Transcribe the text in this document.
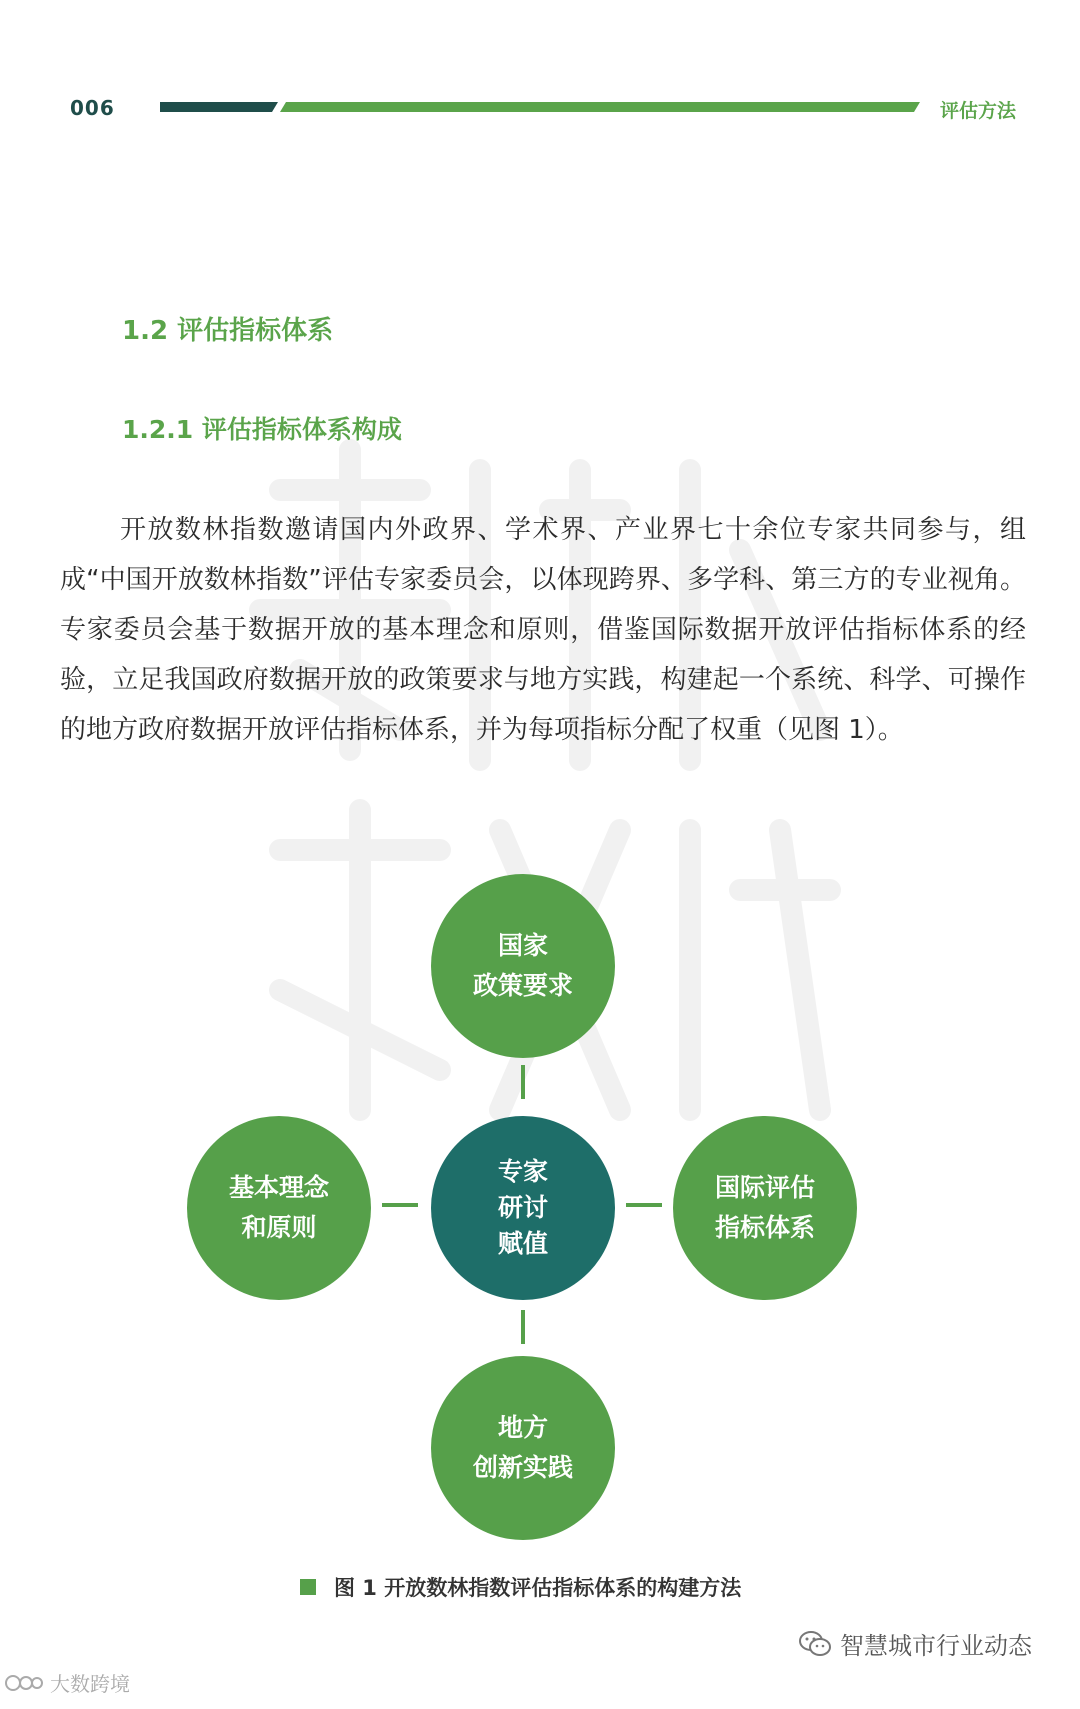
006	评估方法
1.2 评估指标体系
1.2.1 评估指标体系构成

开放数林指数邀请国内外政界、学术界、产业界七十余位专家共同参与，组成“中国开放数林指数”评估专家委员会，以体现跨界、多学科、第三方的专业视角。专家委员会基于数据开放的基本理念和原则，借鉴国际数据开放评估指标体系的经验，立足我国政府数据开放的政策要求与地方实践，构建起一个系统、科学、可操作的地方政府数据开放评估指标体系，并为每项指标分配了权重（见图 1）。

国家
政策要求
基本理念
和原则
专家
研讨
赋值
国际评估
指标体系
地方
创新实践
图 1 开放数林指数评估指标体系的构建方法
智慧城市行业动态
大数跨境
